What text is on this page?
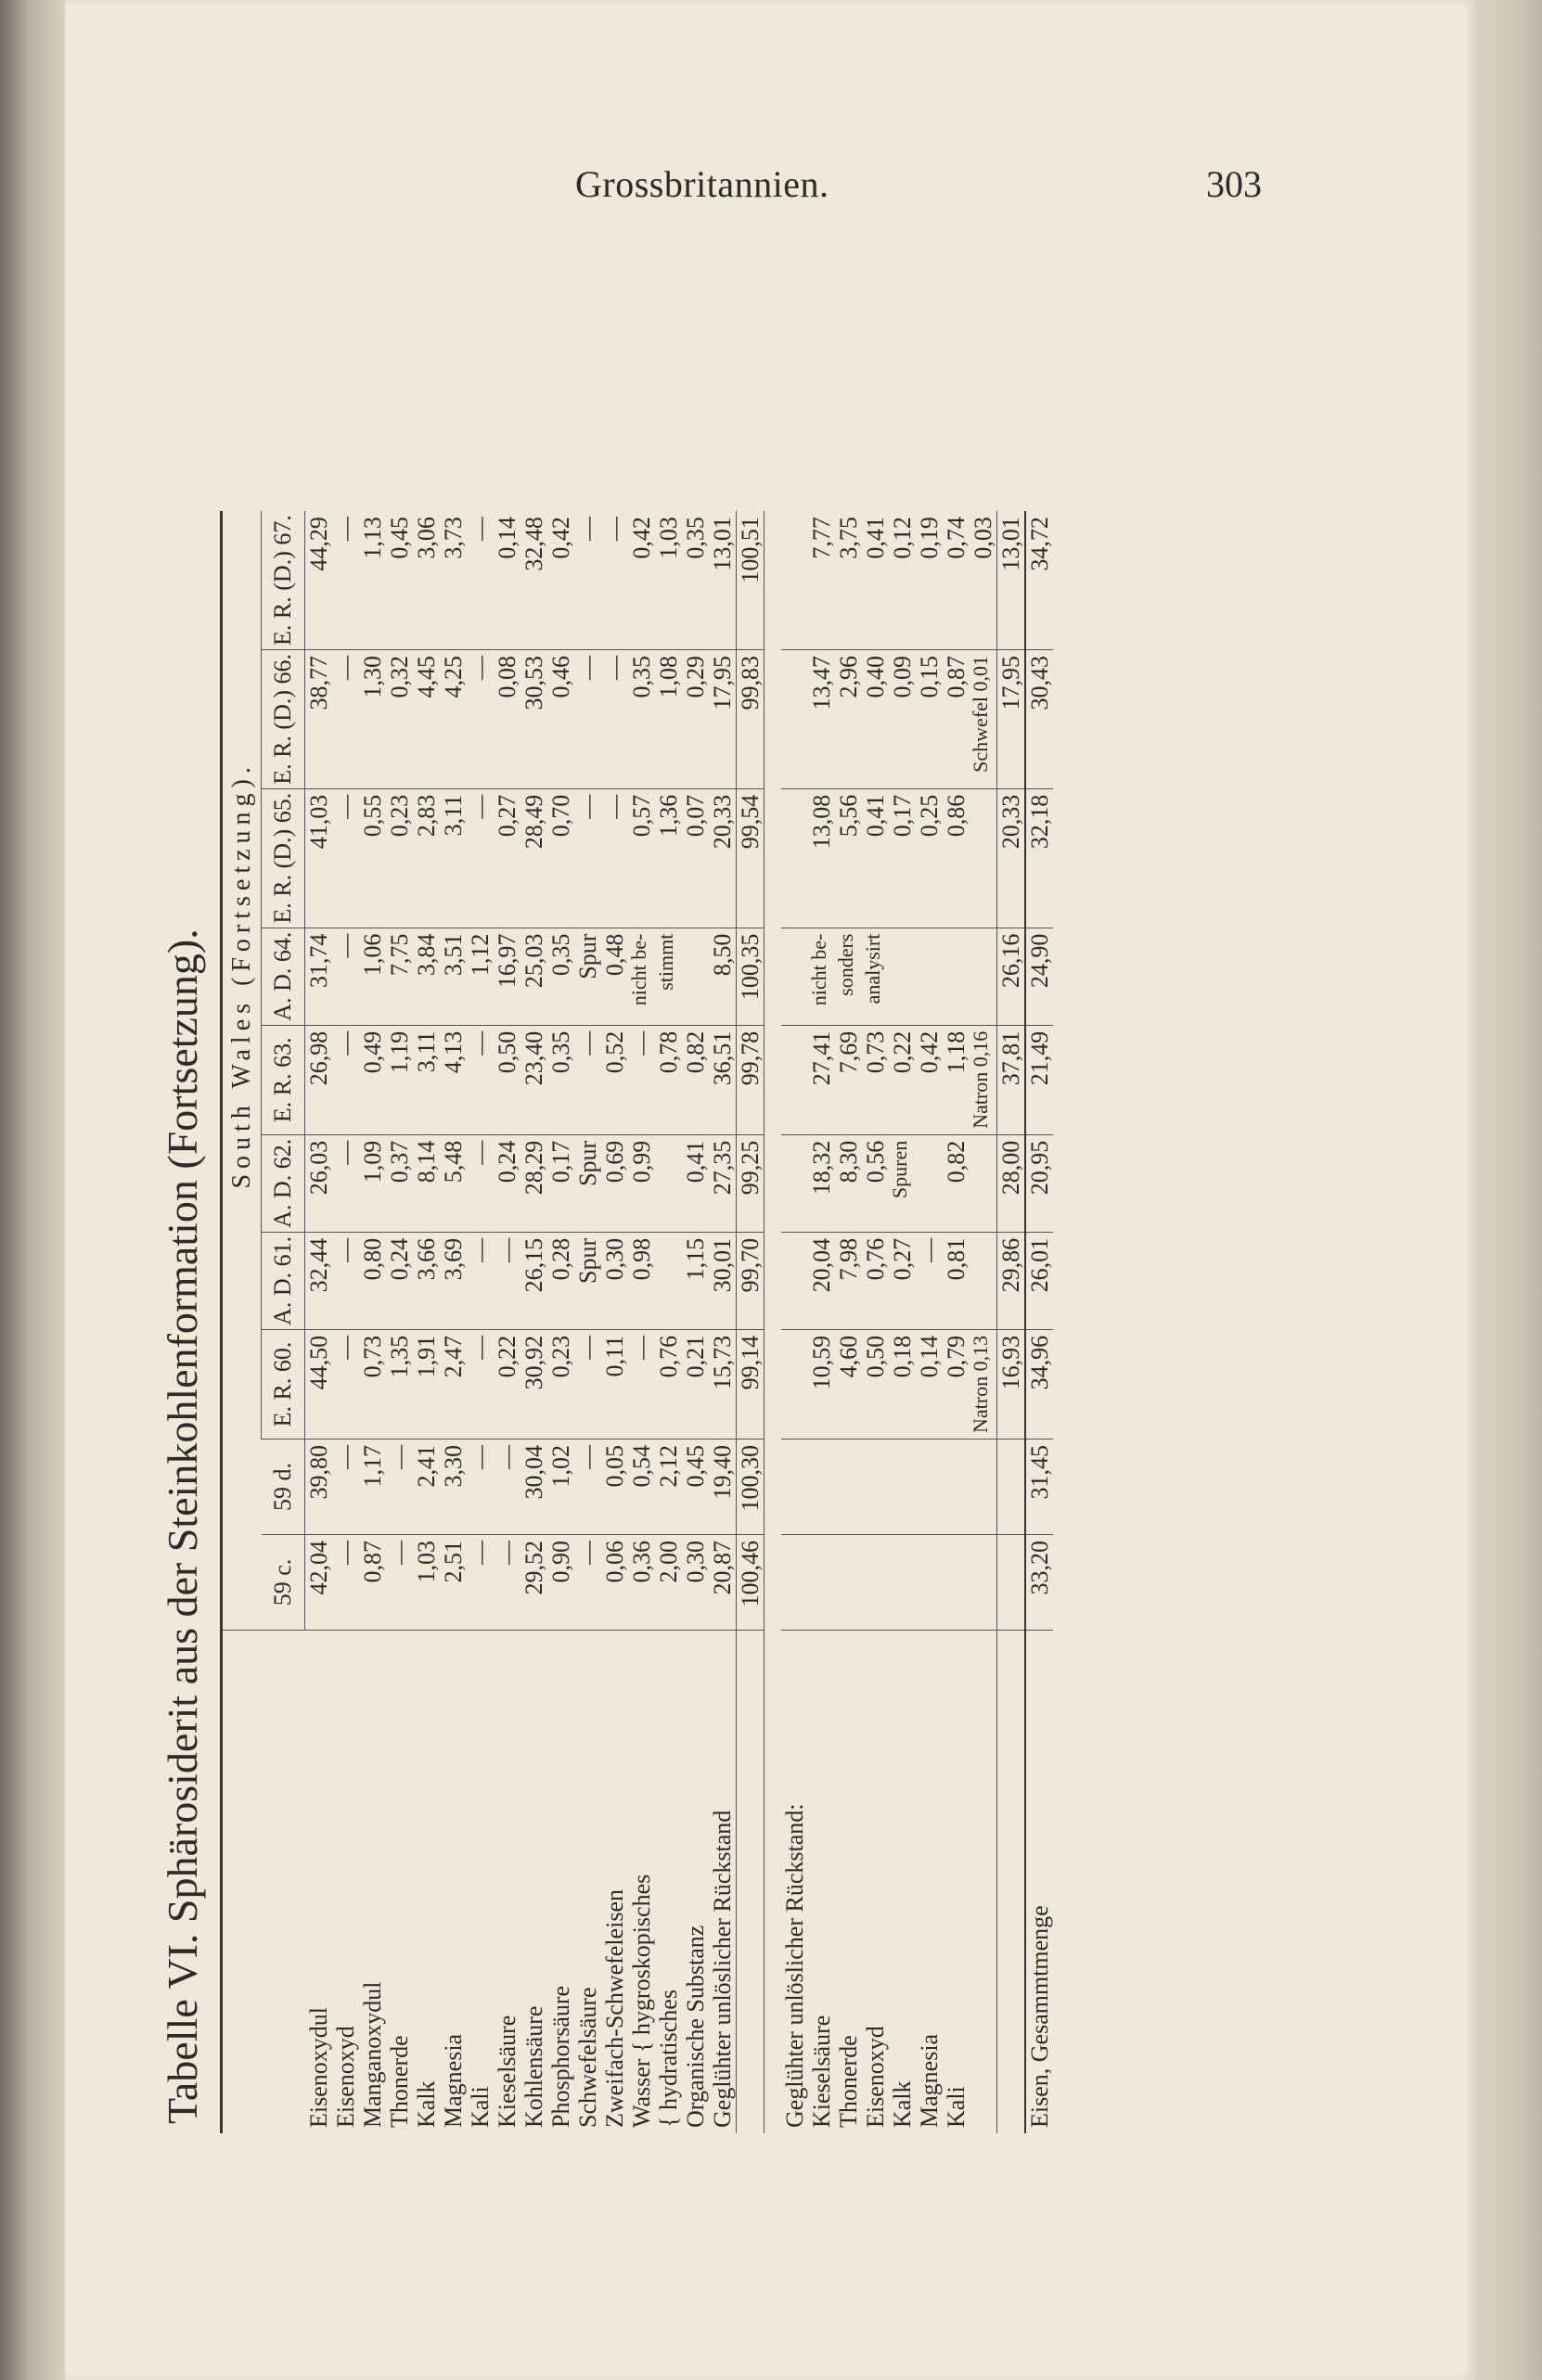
Grossbritannien.	303
Tabelle VI. Sphärosiderit aus der Steinkohlenformation (Fortsetzung).
			South Wales (Fortsetzung).							
	59 c.	59 d.	E. R. 60.	A. D. 61.	A. D. 62.	E. R. 63.	A. D. 64.	E. R. (D.) 65.	E. R. (D.) 66.	E. R. (D.) 67.
Eisenoxydul	42,04	39,80	44,50	32,44	26,03	26,98	31,74	41,03	38,77	44,29
Eisenoxyd	—	—	—	—	—	—	—	—	—	—
Manganoxydul	0,87	1,17	0,73	0,80	1,09	0,49	1,06	0,55	1,30	1,13
Thonerde	—	—	1,35	0,24	0,37	1,19	7,75	0,23	0,32	0,45
Kalk	1,03	2,41	1,91	3,66	8,14	3,11	3,84	2,83	4,45	3,06
Magnesia	2,51	3,30	2,47	3,69	5,48	4,13	3,51	3,11	4,25	3,73
Kali	—	—	—	—	—	—	1,12	—	—	—
Kieselsäure	—	—	0,22	—	0,24	0,50	16,97	0,27	0,08	0,14
Kohlensäure	29,52	30,04	30,92	26,15	28,29	23,40	25,03	28,49	30,53	32,48
Phosphorsäure	0,90	1,02	0,23	0,28	0,17	0,35	0,35	0,70	0,46	0,42
Schwefelsäure	—	—	—	Spur	Spur	—	Spur	—	—	—
Zweifach-Schwefeleisen	0,06	0,05	0,11	0,30	0,69	0,52	0,48	—	—	—
Wasser { hygroskopisches	0,36	0,54	—	0,98	0,99	—	nicht be-	0,57	0,35	0,42
{ hydratisches	2,00	2,12	0,76			0,78	stimmt	1,36	1,08	1,03
Organische Substanz	0,30	0,45	0,21	1,15	0,41	0,82		0,07	0,29	0,35
Geglühter unlöslicher Rückstand	20,87	19,40	15,73	30,01	27,35	36,51	8,50	20,33	17,95	13,01
	100,46	100,30	99,14	99,70	99,25	99,78	100,35	99,54	99,83	100,51

Geglühter unlöslicher Rückstand:										
Kieselsäure			10,59	20,04	18,32	27,41	nicht be-	13,08	13,47	7,77
Thonerde			4,60	7,98	8,30	7,69	sonders	5,56	2,96	3,75
Eisenoxyd			0,50	0,76	0,56	0,73	analysirt	0,41	0,40	0,41
Kalk			0,18	0,27	Spuren	0,22		0,17	0,09	0,12
Magnesia			0,14	—		0,42		0,25	0,15	0,19
Kali			0,79	0,81	0,82	1,18		0,86	0,87	0,74
			Natron 0,13			Natron 0,16			Schwefel 0,01	0,03
			16,93	29,86	28,00	37,81	26,16	20,33	17,95	13,01
Eisen, Gesammtmenge	33,20	31,45	34,96	26,01	20,95	21,49	24,90	32,18	30,43	34,72
